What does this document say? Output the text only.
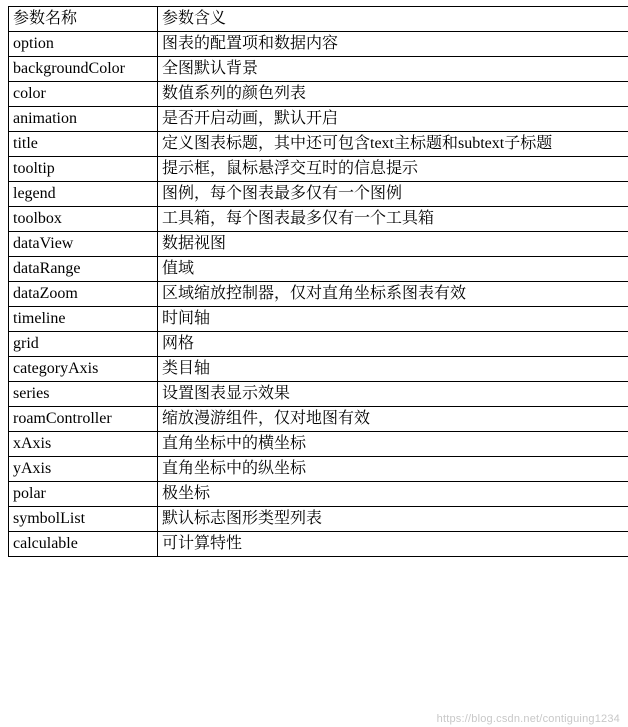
参数名称	参数含义
option	图表的配置项和数据内容
backgroundColor	全图默认背景
color	数值系列的颜色列表
animation	是否开启动画，默认开启
title	定义图表标题，其中还可包含text主标题和subtext子标题
tooltip	提示框，鼠标悬浮交互时的信息提示
legend	图例，每个图表最多仅有一个图例
toolbox	工具箱，每个图表最多仅有一个工具箱
dataView	数据视图
dataRange	值域
dataZoom	区域缩放控制器，仅对直角坐标系图表有效
timeline	时间轴
grid	网格
categoryAxis	类目轴
series	设置图表显示效果
roamController	缩放漫游组件，仅对地图有效
xAxis	直角坐标中的横坐标
yAxis	直角坐标中的纵坐标
polar	极坐标
symbolList	默认标志图形类型列表
calculable	可计算特性
https://blog.csdn.net/contiguing1234
